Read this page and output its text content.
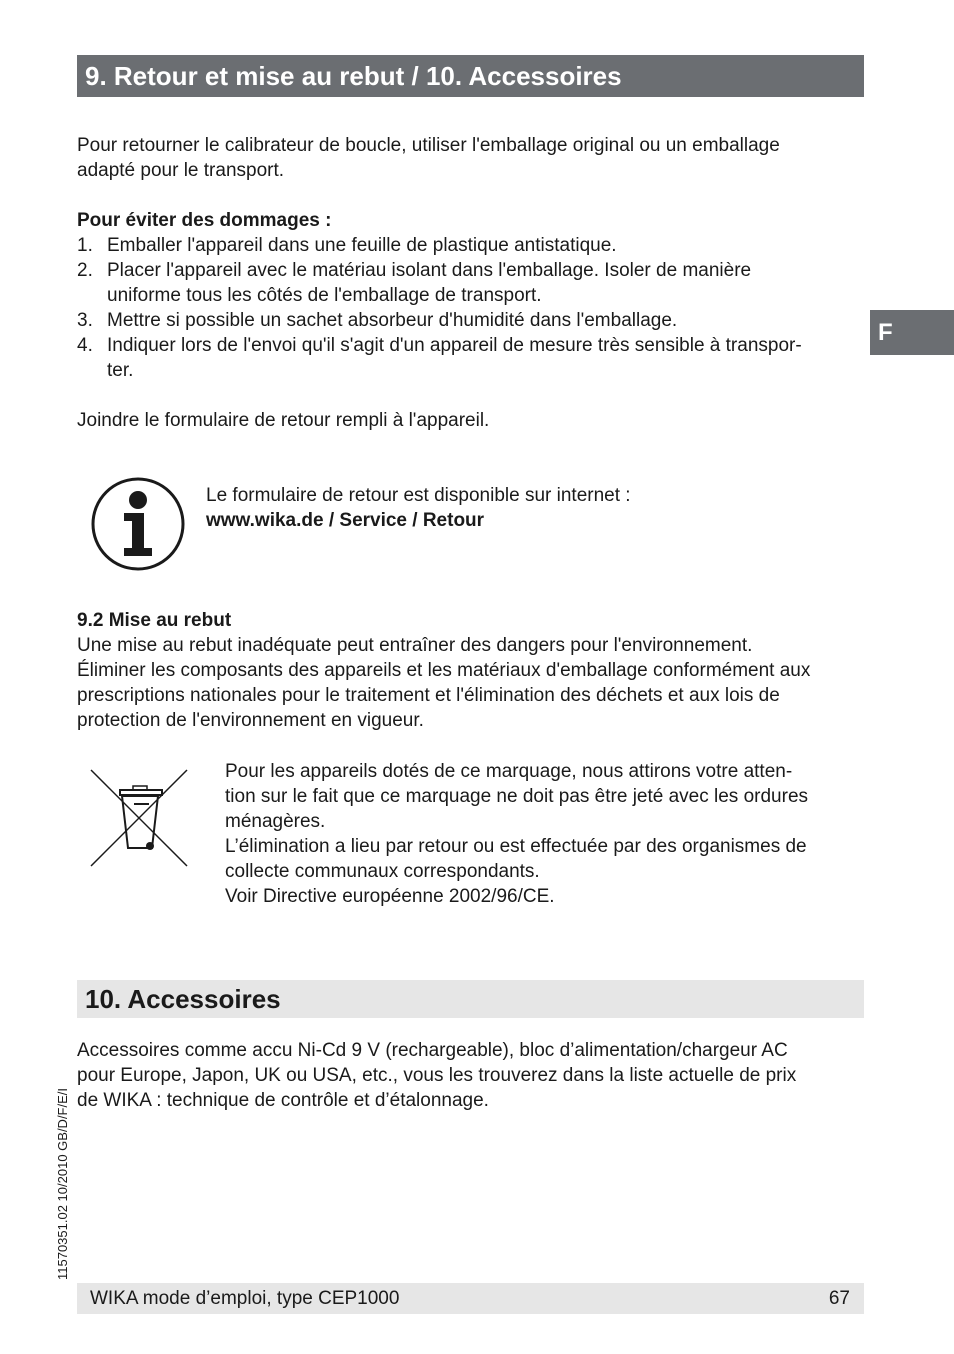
9. Retour et mise au rebut / 10. Accessoires
F
Pour retourner le calibrateur de boucle, utiliser l'emballage original ou un emballage
adapté pour le transport.
Pour éviter des dommages :
1. Emballer l'appareil dans une feuille de plastique antistatique.
2. Placer l'appareil avec le matériau isolant dans l'emballage. Isoler de manière
uniforme tous les côtés de l'emballage de transport.
3. Mettre si possible un sachet absorbeur d'humidité dans l'emballage.
4. Indiquer lors de l'envoi qu'il s'agit d'un appareil de mesure très sensible à transpor-
ter.
Joindre le formulaire de retour rempli à l'appareil.
Le formulaire de retour est disponible sur internet :
www.wika.de / Service / Retour
9.2 Mise au rebut
Une mise au rebut inadéquate peut entraîner des dangers pour l'environnement.
Éliminer les composants des appareils et les matériaux d'emballage conformément aux
prescriptions nationales pour le traitement et l'élimination des déchets et aux lois de
protection de l'environnement en vigueur.
Pour les appareils dotés de ce marquage, nous attirons votre atten-
tion sur le fait que ce marquage ne doit pas être jeté avec les ordures
ménagères.
L’élimination a lieu par retour ou est effectuée par des organismes de
collecte communaux correspondants.
Voir Directive européenne 2002/96/CE.
10. Accessoires
Accessoires comme accu Ni-Cd 9 V (rechargeable), bloc d’alimentation/chargeur AC
pour Europe, Japon, UK ou USA, etc., vous les trouverez dans la liste actuelle de prix
de WIKA : technique de contrôle et d’étalonnage.
11570351.02 10/2010 GB/D/F/E/I
WIKA mode d’emploi, type CEP1000	67
